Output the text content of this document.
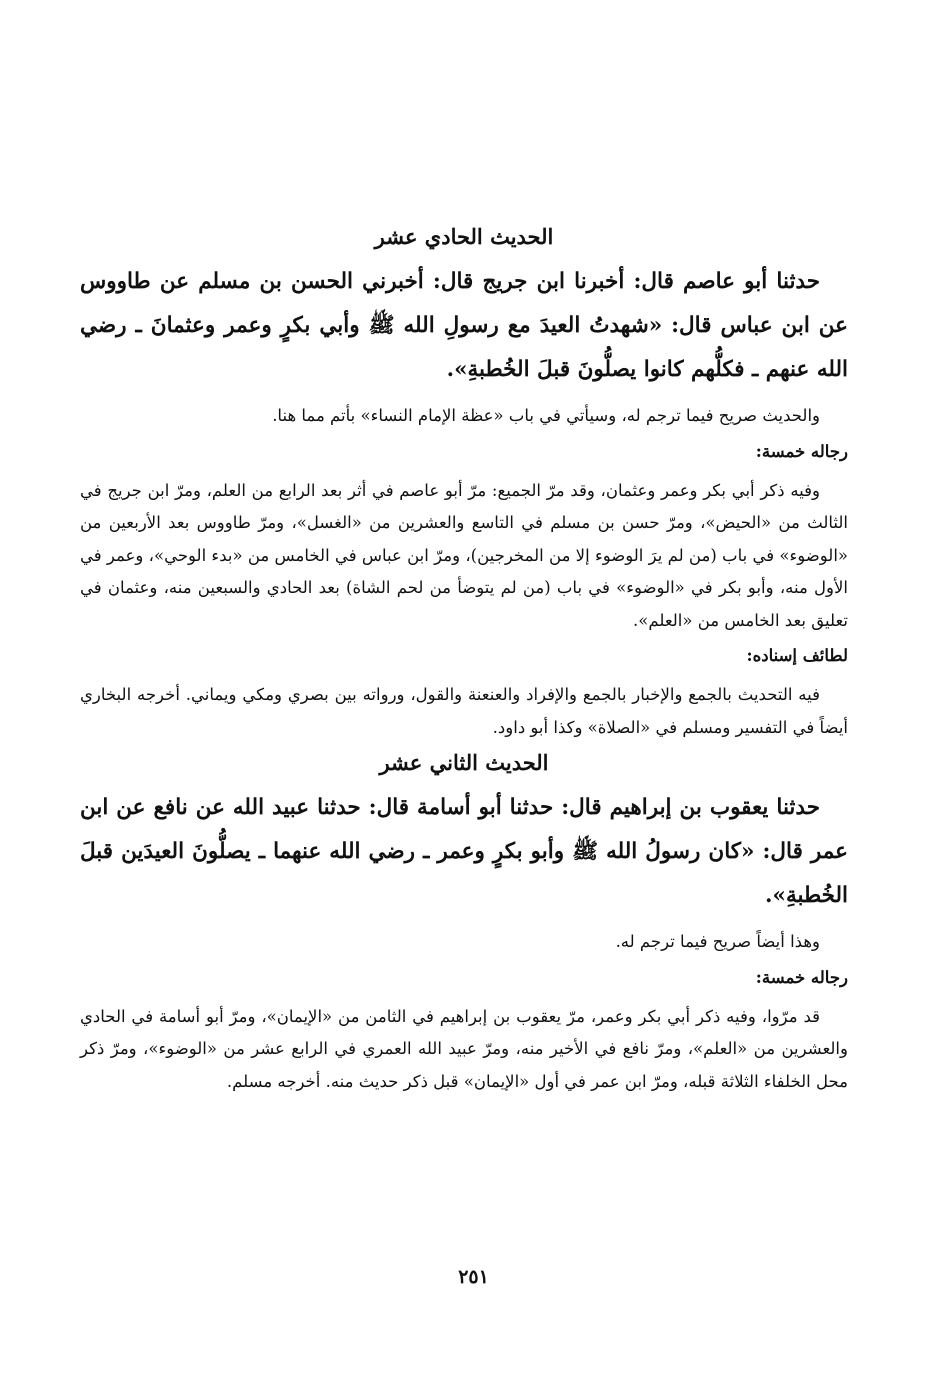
الحديث الحادي عشر

حدثنا أبو عاصم قال: أخبرنا ابن جريج قال: أخبرني الحسن بن مسلم عن طاووس عن ابن عباس قال: «شهدتُ العيدَ مع رسولِ الله ﷺ وأبي بكرٍ وعمر وعثمانَ ـ رضي الله عنهم ـ فكلُّهم كانوا يصلُّونَ قبلَ الخُطبةِ».

والحديث صريح فيما ترجم له، وسيأتي في باب «عظة الإمام النساء» بأتم مما هنا.

رجاله خمسة:

وفيه ذكر أبي بكر وعمر وعثمان، وقد مرّ الجميع: مرّ أبو عاصم في أثر بعد الرابع من العلم، ومرّ ابن جريج في الثالث من «الحيض»، ومرّ حسن بن مسلم في التاسع والعشرين من «الغسل»، ومرّ طاووس بعد الأربعين من «الوضوء» في باب (من لم يرَ الوضوء إلا من المخرجين)، ومرّ ابن عباس في الخامس من «بدء الوحي»، وعمر في الأول منه، وأبو بكر في «الوضوء» في باب (من لم يتوضأ من لحم الشاة) بعد الحادي والسبعين منه، وعثمان في تعليق بعد الخامس من «العلم».

لطائف إسناده:

فيه التحديث بالجمع والإخبار بالجمع والإفراد والعنعنة والقول، ورواته بين بصري ومكي ويماني. أخرجه البخاري أيضاً في التفسير ومسلم في «الصلاة» وكذا أبو داود.

الحديث الثاني عشر

حدثنا يعقوب بن إبراهيم قال: حدثنا أبو أسامة قال: حدثنا عبيد الله عن نافع عن ابن عمر قال: «كان رسولُ الله ﷺ وأبو بكرٍ وعمر ـ رضي الله عنهما ـ يصلُّونَ العيدَين قبلَ الخُطبةِ».

وهذا أيضاً صريح فيما ترجم له.

رجاله خمسة:

قد مرّوا، وفيه ذكر أبي بكر وعمر، مرّ يعقوب بن إبراهيم في الثامن من «الإيمان»، ومرّ أبو أسامة في الحادي والعشرين من «العلم»، ومرّ نافع في الأخير منه، ومرّ عبيد الله العمري في الرابع عشر من «الوضوء»، ومرّ ذكر محل الخلفاء الثلاثة قبله، ومرّ ابن عمر في أول «الإيمان» قبل ذكر حديث منه. أخرجه مسلم.

٢٥١
